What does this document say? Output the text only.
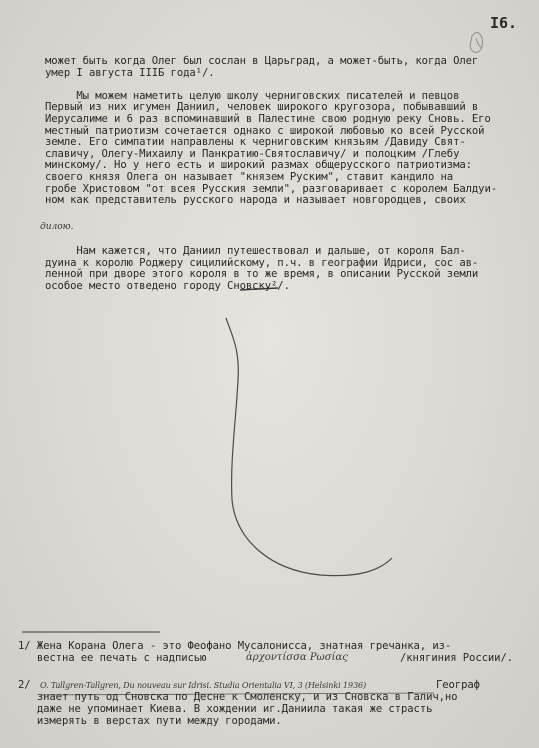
I6.
может быть когда Олег был сослан в Царьград, а может-быть, когда Олег
умер I августа IIIБ года¹/.

Мы можем наметить целую школу черниговских писателей и певцов
Первый из них игумен Даниил, человек широкого кругозора, побывавший в
Иерусалиме и 6 раз вспоминавший в Палестине свою родную реку Сновь. Его
местный патриотизм сочетается однако с широкой любовью ко всей Русской
земле. Его симпатии направлены к черниговским князьям /Давиду Свят-
славичу, Олегу-Михаилу и Панкратию-Святославичу/ и полоцким /Глебу
минскому/. Но у него есть и широкий размах общерусского патриотизма:
своего князя Олега он называет "князем Руским", ставит кандило на
гробе Христовом "от всея Русския земли", разговаривает с королем Балдуи-
ном как представитель русского народа и называет новгородцев, своих
дилою.
Нам кажется, что Даниил путешествовал и дальше, от короля Бал-
дуина к королю Роджеру сицилийскому, п.ч. в географии Идриси, сос ав-
ленной при дворе этого короля в то же время, в описании Русской земли
особое место отведено городу Сновску²/.
1/ Жена Корана Олега - это Феофано Мусалонисса, знатная гречанка, из-
вестна ее печать с надписью	ἀρχοντίσσα Ρωσίας	/княгиния России/.
2/ O. Tallgren-Tallgren, Du nouveau sur Idrisi. Studia Orientalia VI, 3 (Helsinki 1936)	Географ
знает путь од Сновска по Десне к Смоленску, и из Сновска в Галич,но
даже не упоминает Киева. В хождении иг.Даниила такая же страсть
измерять в верстах пути между городами.
